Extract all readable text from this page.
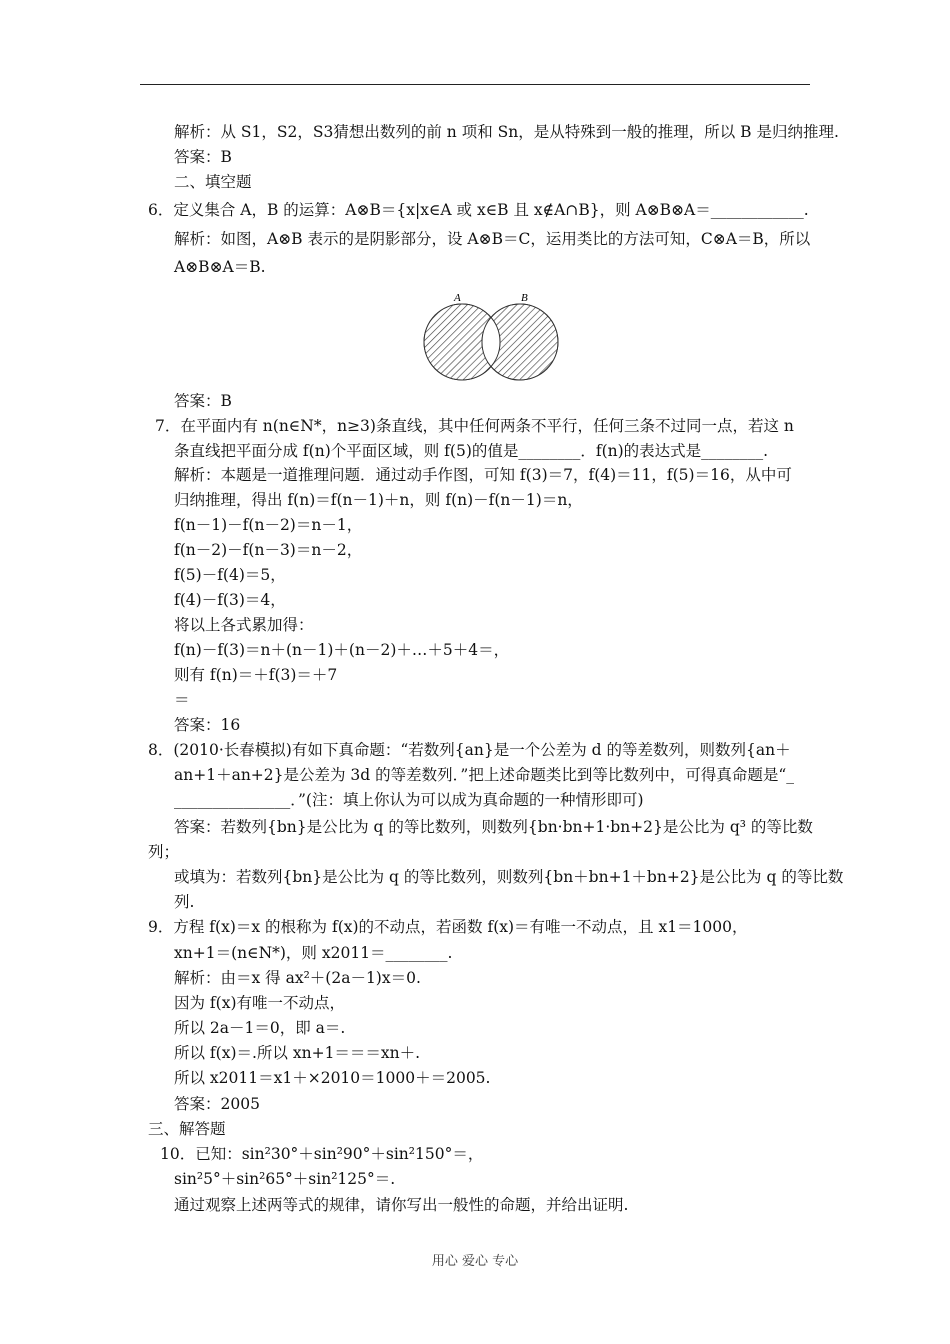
解析：从 S1，S2，S3猜想出数列的前 n 项和 Sn，是从特殊到一般的推理，所以 B 是归纳推理.
答案：B
二、填空题
6．定义集合 A，B 的运算：A⊗B＝{x|x∈A 或 x∈B 且 x∉A∩B}，则 A⊗B⊗A＝____________.
解析：如图，A⊗B 表示的是阴影部分，设 A⊗B＝C，运用类比的方法可知，C⊗A＝B，所以
A⊗B⊗A＝B.
A	B
答案：B
7．在平面内有 n(n∈N*，n≥3)条直线，其中任何两条不平行，任何三条不过同一点，若这 n
条直线把平面分成 f(n)个平面区域，则 f(5)的值是________．f(n)的表达式是________.
解析：本题是一道推理问题．通过动手作图，可知 f(3)＝7，f(4)＝11，f(5)＝16，从中可
归纳推理，得出 f(n)＝f(n－1)＋n，则 f(n)－f(n－1)＝n，
f(n－1)－f(n－2)＝n－1，
f(n－2)－f(n－3)＝n－2，
f(5)－f(4)＝5，
f(4)－f(3)＝4，
将以上各式累加得：
f(n)－f(3)＝n＋(n－1)＋(n－2)＋…＋5＋4＝，
则有 f(n)＝＋f(3)＝＋7
＝
答案：16
8．(2010·长春模拟)有如下真命题：“若数列{an}是一个公差为 d 的等差数列，则数列{an＋
an+1＋an+2}是公差为 3d 的等差数列．”把上述命题类比到等比数列中，可得真命题是“_
_______________．”(注：填上你认为可以成为真命题的一种情形即可)
答案：若数列{bn}是公比为 q 的等比数列，则数列{bn·bn+1·bn+2}是公比为 q³ 的等比数
列；
或填为：若数列{bn}是公比为 q 的等比数列，则数列{bn＋bn+1＋bn+2}是公比为 q 的等比数
列.
9．方程 f(x)＝x 的根称为 f(x)的不动点，若函数 f(x)＝有唯一不动点，且 x1＝1000，
xn+1＝(n∈N*)，则 x2011＝________.
解析：由＝x 得 ax²＋(2a－1)x＝0.
因为 f(x)有唯一不动点，
所以 2a－1＝0，即 a＝.
所以 f(x)＝.所以 xn+1＝＝＝xn＋.
所以 x2011＝x1＋×2010＝1000＋＝2005.
答案：2005
三、解答题
10．已知：sin²30°＋sin²90°＋sin²150°＝，
sin²5°＋sin²65°＋sin²125°＝.
通过观察上述两等式的规律，请你写出一般性的命题，并给出证明.
用心 爱心 专心
